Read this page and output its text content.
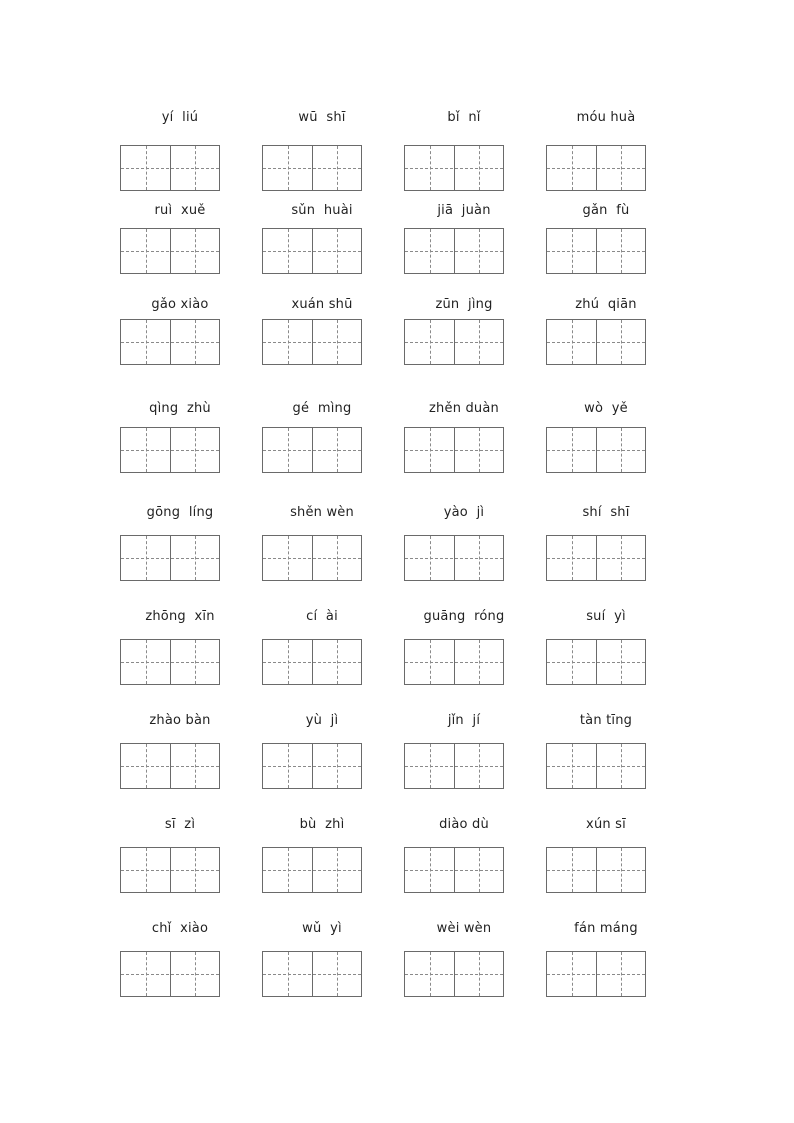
yí  liú	wū  shī	bǐ  nǐ	móu huà
ruì  xuě	sǔn  huài	jiā  juàn	gǎn  fù
gǎo xiào	xuán shū	zūn  jìng	zhú  qiān
qìng  zhù	gé  mìng	zhěn duàn	wò  yě
gōng  líng	shěn wèn	yào  jì	shí  shī
zhōng  xīn	cí  ài	guāng  róng	suí  yì
zhào bàn	yù  jì	jǐn  jí	tàn tīng
sī  zì	bù  zhì	diào dù	xún sī
chǐ  xiào	wǔ  yì	wèi wèn	fán máng
